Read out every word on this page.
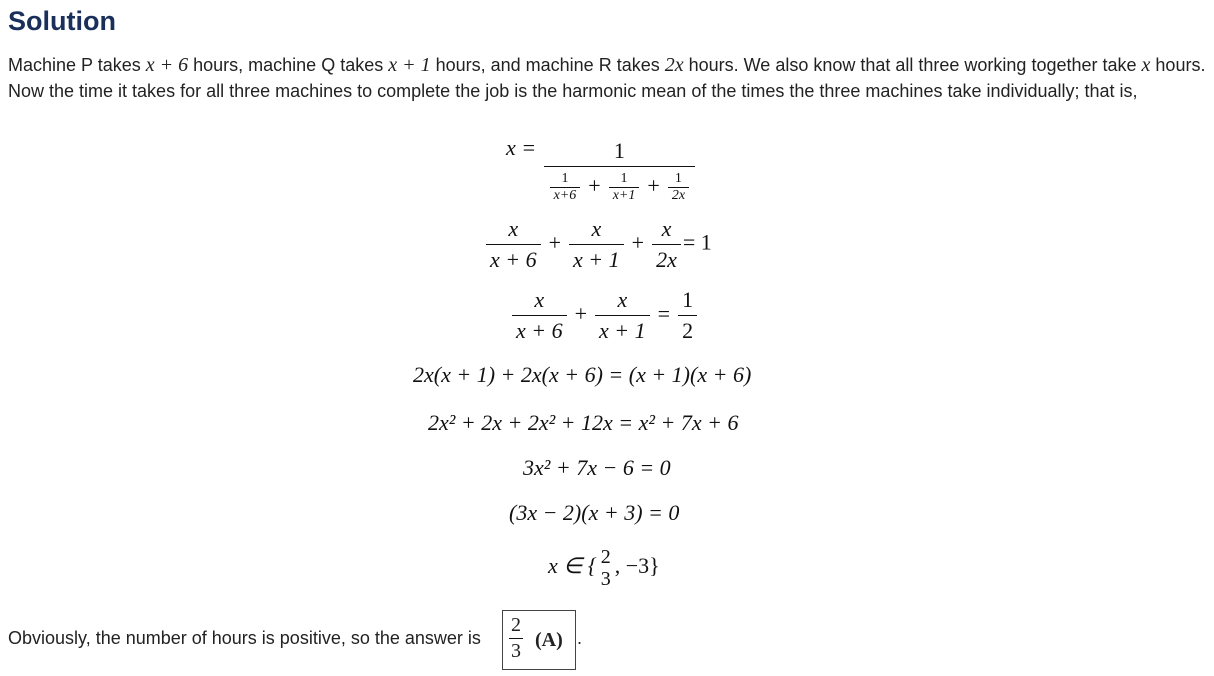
Solution

Machine P takes x + 6 hours, machine Q takes x + 1 hours, and machine R takes 2x hours. We also know that all three working together take x hours. Now the time it takes for all three machines to complete the job is the harmonic mean of the times the three machines take individually; that is,

$x = \frac{1}{\frac{1}{x+6} + \frac{1}{x+1} + \frac{1}{2x}}$
$\frac{x}{x + 6} + \frac{x}{x + 1} + \frac{x}{2x} = 1$
$\frac{x}{x + 6} + \frac{x}{x + 1} = \frac{1}{2}$
2x(x + 1) + 2x(x + 6) = (x + 1)(x + 6)
2x² + 2x + 2x² + 12x = x² + 7x + 6
3x² + 7x − 6 = 0
(3x − 2)(x + 3) = 0
x ∈ { 2
3
, −3}
Obviously, the number of hours is positive, so the answer is $\frac{2}{3} (A)$ .
